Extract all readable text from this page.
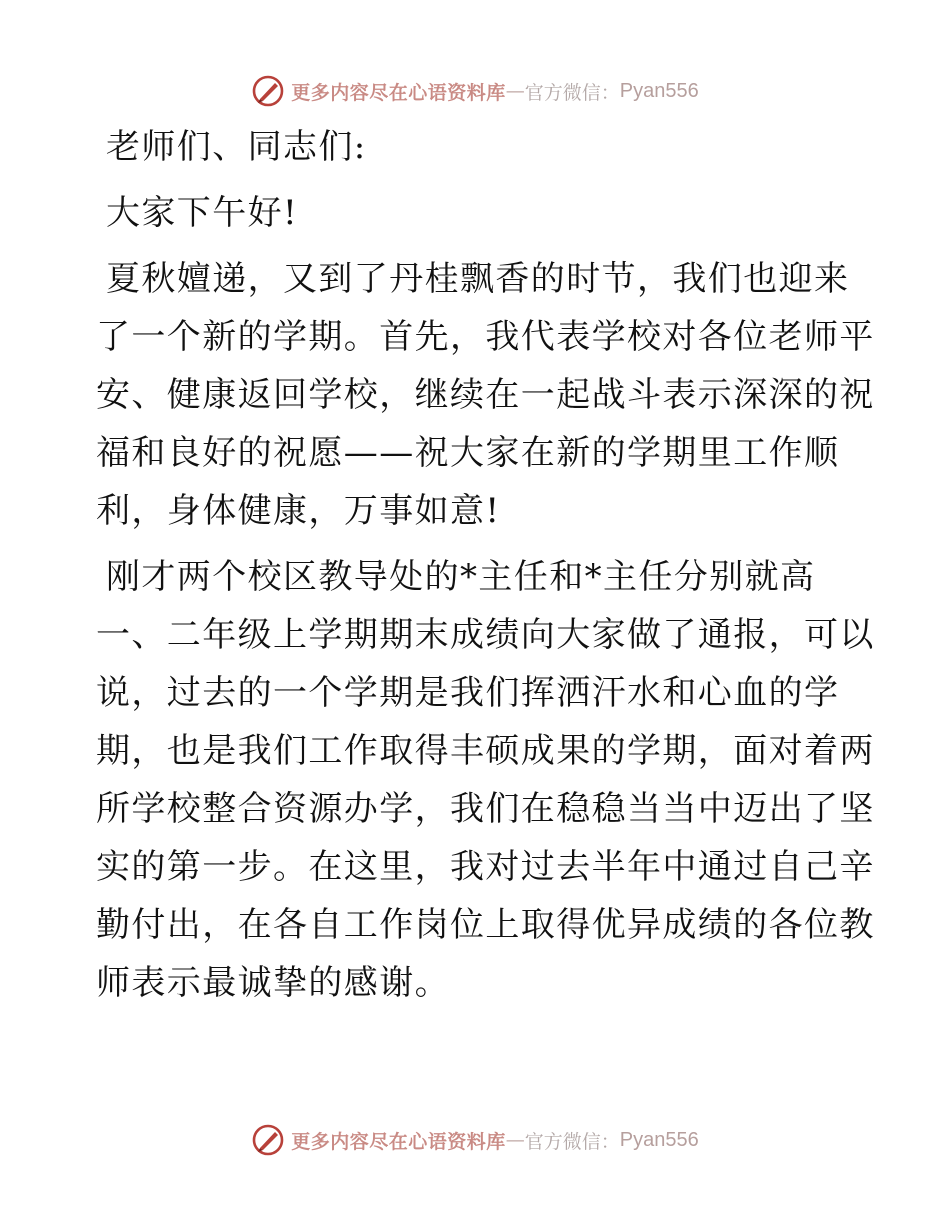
更多内容尽在心语资料库 — 官方微信： Pyan556
老师们、同志们:
大家下午好!
夏秋嬗递，又到了丹桂飘香的时节，我们也迎来
了一个新的学期。首先，我代表学校对各位老师平
安、健康返回学校，继续在一起战斗表示深深的祝
福和良好的祝愿——祝大家在新的学期里工作顺
利，身体健康，万事如意!
刚才两个校区教导处的*主任和*主任分别就高
一、二年级上学期期末成绩向大家做了通报，可以
说，过去的一个学期是我们挥洒汗水和心血的学
期，也是我们工作取得丰硕成果的学期，面对着两
所学校整合资源办学，我们在稳稳当当中迈出了坚
实的第一步。在这里，我对过去半年中通过自己辛
勤付出，在各自工作岗位上取得优异成绩的各位教
师表示最诚挚的感谢。
更多内容尽在心语资料库 — 官方微信： Pyan556
